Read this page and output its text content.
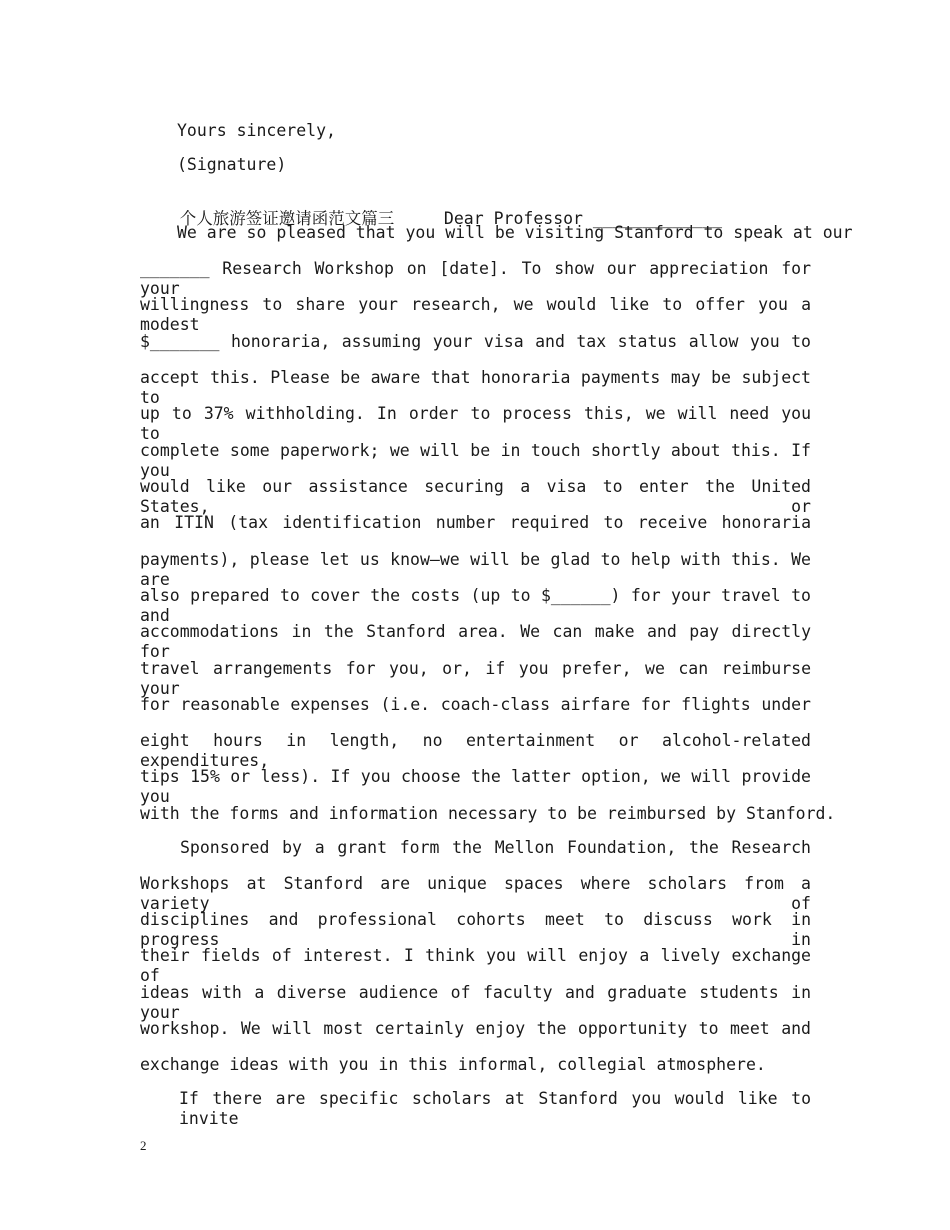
Yours sincerely,
(Signature)

个人旅游签证邀请函范文篇三	Dear Professor _____________

We are so pleased that you will be visiting Stanford to speak at our
_______ Research Workshop on [date]. To show our appreciation for your
willingness to share your research, we would like to offer you a modest
$_______ honoraria, assuming your visa and tax status allow you to
accept this. Please be aware that honoraria payments may be subject to
up to 37% withholding. In order to process this, we will need you to
complete some paperwork; we will be in touch shortly about this. If you
would like our assistance securing a visa to enter the United States, or
an ITIN (tax identification number required to receive honoraria
payments), please let us know—we will be glad to help with this. We are
also prepared to cover the costs (up to $______) for your travel to and
accommodations in the Stanford area. We can make and pay directly for
travel arrangements for you, or, if you prefer, we can reimburse your
for reasonable expenses (i.e. coach-class airfare for flights under
eight hours in length, no entertainment or alcohol-related expenditures,
tips 15% or less). If you choose the latter option, we will provide you
with the forms and information necessary to be reimbursed by Stanford.
Sponsored by a grant form the Mellon Foundation, the Research
Workshops at Stanford are unique spaces where scholars from a variety of
disciplines and professional cohorts meet to discuss work in progress in
their fields of interest. I think you will enjoy a lively exchange of
ideas with a diverse audience of faculty and graduate students in your
workshop. We will most certainly enjoy the opportunity to meet and
exchange ideas with you in this informal, collegial atmosphere.
If there are specific scholars at Stanford you would like to invite
2
